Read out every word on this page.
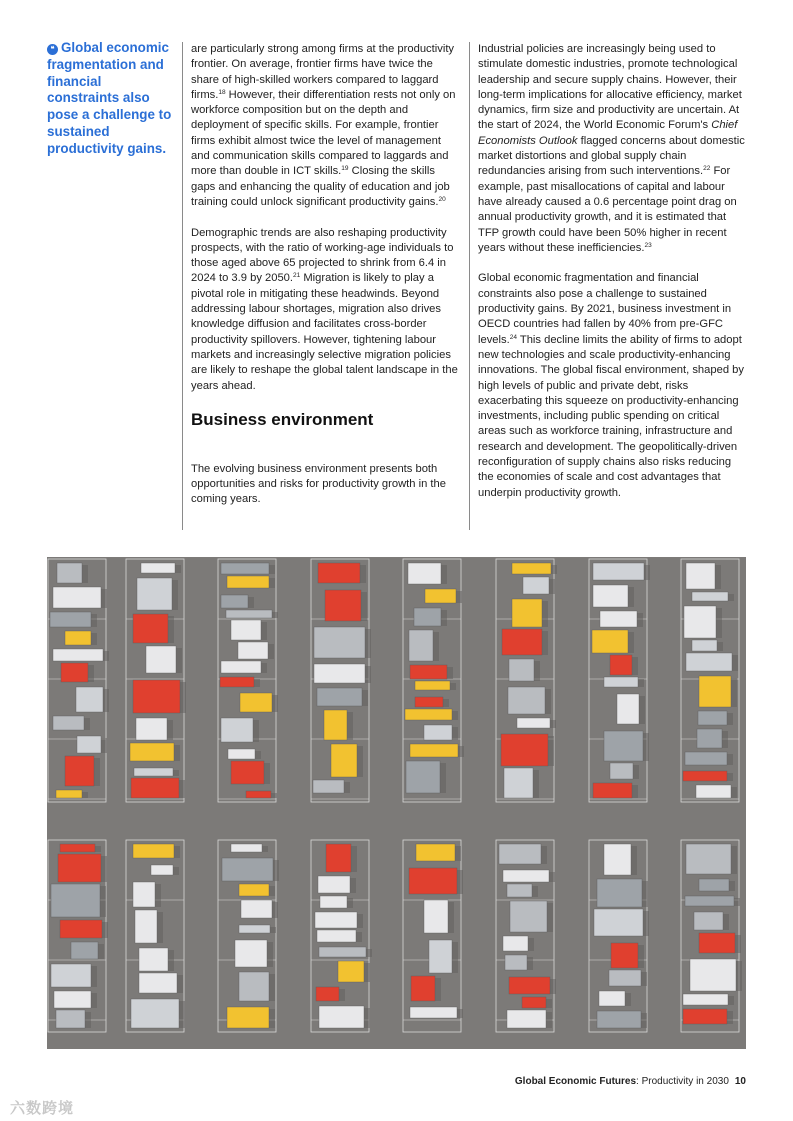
❝ Global economic fragmentation and financial constraints also pose a challenge to sustained productivity gains.

are particularly strong among firms at the productivity frontier. On average, frontier firms have twice the share of high-skilled workers compared to laggard firms.$^{18}$ However, their differentiation rests not only on workforce composition but on the depth and deployment of specific skills. For example, frontier firms exhibit almost twice the level of management and communication skills compared to laggards and more than double in ICT skills.$^{19}$ Closing the skills gaps and enhancing the quality of education and job training could unlock significant productivity gains.$^{20}$

Demographic trends are also reshaping productivity prospects, with the ratio of working-age individuals to those aged above 65 projected to shrink from 6.4 in 2024 to 3.9 by 2050.21 Migration is likely to play a pivotal role in mitigating these headwinds. Beyond addressing labour shortages, migration also drives knowledge diffusion and facilitates cross-border productivity spillovers. However, tightening labour markets and increasingly selective migration policies are likely to reshape the global talent landscape in the years ahead.

Business environment

The evolving business environment presents both opportunities and risks for productivity growth in the coming years.

Industrial policies are increasingly being used to stimulate domestic industries, promote technological leadership and secure supply chains. However, their long-term implications for allocative efficiency, market dynamics, firm size and productivity are uncertain. At the start of 2024, the World Economic Forum's Chief Economists Outlook flagged concerns about domestic market distortions and global supply chain redundancies arising from such interventions.$^{22}$ For example, past misallocations of capital and labour have already caused a 0.6 percentage point drag on annual productivity growth, and it is estimated that TFP growth could have been 50% higher in recent years without these inefficiencies.$^{23}$

Global economic fragmentation and financial constraints also pose a challenge to sustained productivity gains. By 2021, business investment in OECD countries had fallen by 40% from pre-GFC levels.$^{24}$ This decline limits the ability of firms to adopt new technologies and scale productivity-enhancing innovations. The global fiscal environment, shaped by high levels of public and private debt, risks exacerbating this squeeze on productivity-enhancing investments, including public spending on critical areas such as workforce training, infrastructure and research and development. The geopolitically-driven reconfiguration of supply chains also risks reducing the economies of scale and cost advantages that underpin productivity growth.

Global Economic Futures: Productivity in 2030 10
六数跨境
